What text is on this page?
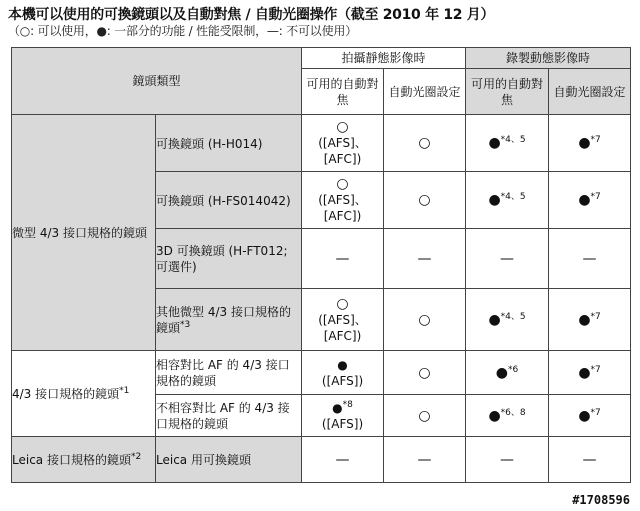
本機可以使用的可換鏡頭以及自動對焦 / 自動光圈操作（截至 2010 年 12 月）
（○: 可以使用，●: 一部分的功能 / 性能受限制，—: 不可以使用）
鏡頭類型		拍攝靜態影像時		錄製動態影像時	
		可用的自動對焦	自動光圈設定	可用的自動對焦	自動光圈設定
微型 4/3 接口規格的鏡頭	可換鏡頭 (H-H014)	○
([AFS]、[AFC])	○	●$^{*4、5}$	●$^{*7}$

	可換鏡頭 (H-FS014042)	○
([AFS]、[AFC])	○	●$^{*4、5}$	●$^{*7}$

	3D 可換鏡頭 (H-FT012; 可選件)	—	—	—	—

	其他微型 4/3 接口規格的鏡頭$^{*3}$	○
([AFS]、[AFC])	○	●$^{*4、5}$	●$^{*7}$
4/3 接口規格的鏡頭$^{*1}$	相容對比 AF 的 4/3 接口規格的鏡頭	●
([AFS])	○	●$^{*6}$	●$^{*7}$

	不相容對比 AF 的 4/3 接口規格的鏡頭	●$^{*8}$
([AFS])	○	●$^{*6、8}$	●$^{*7}$
Leica 接口規格的鏡頭$^{*2}$	Leica 用可換鏡頭	—	—	—	—
#1708596
